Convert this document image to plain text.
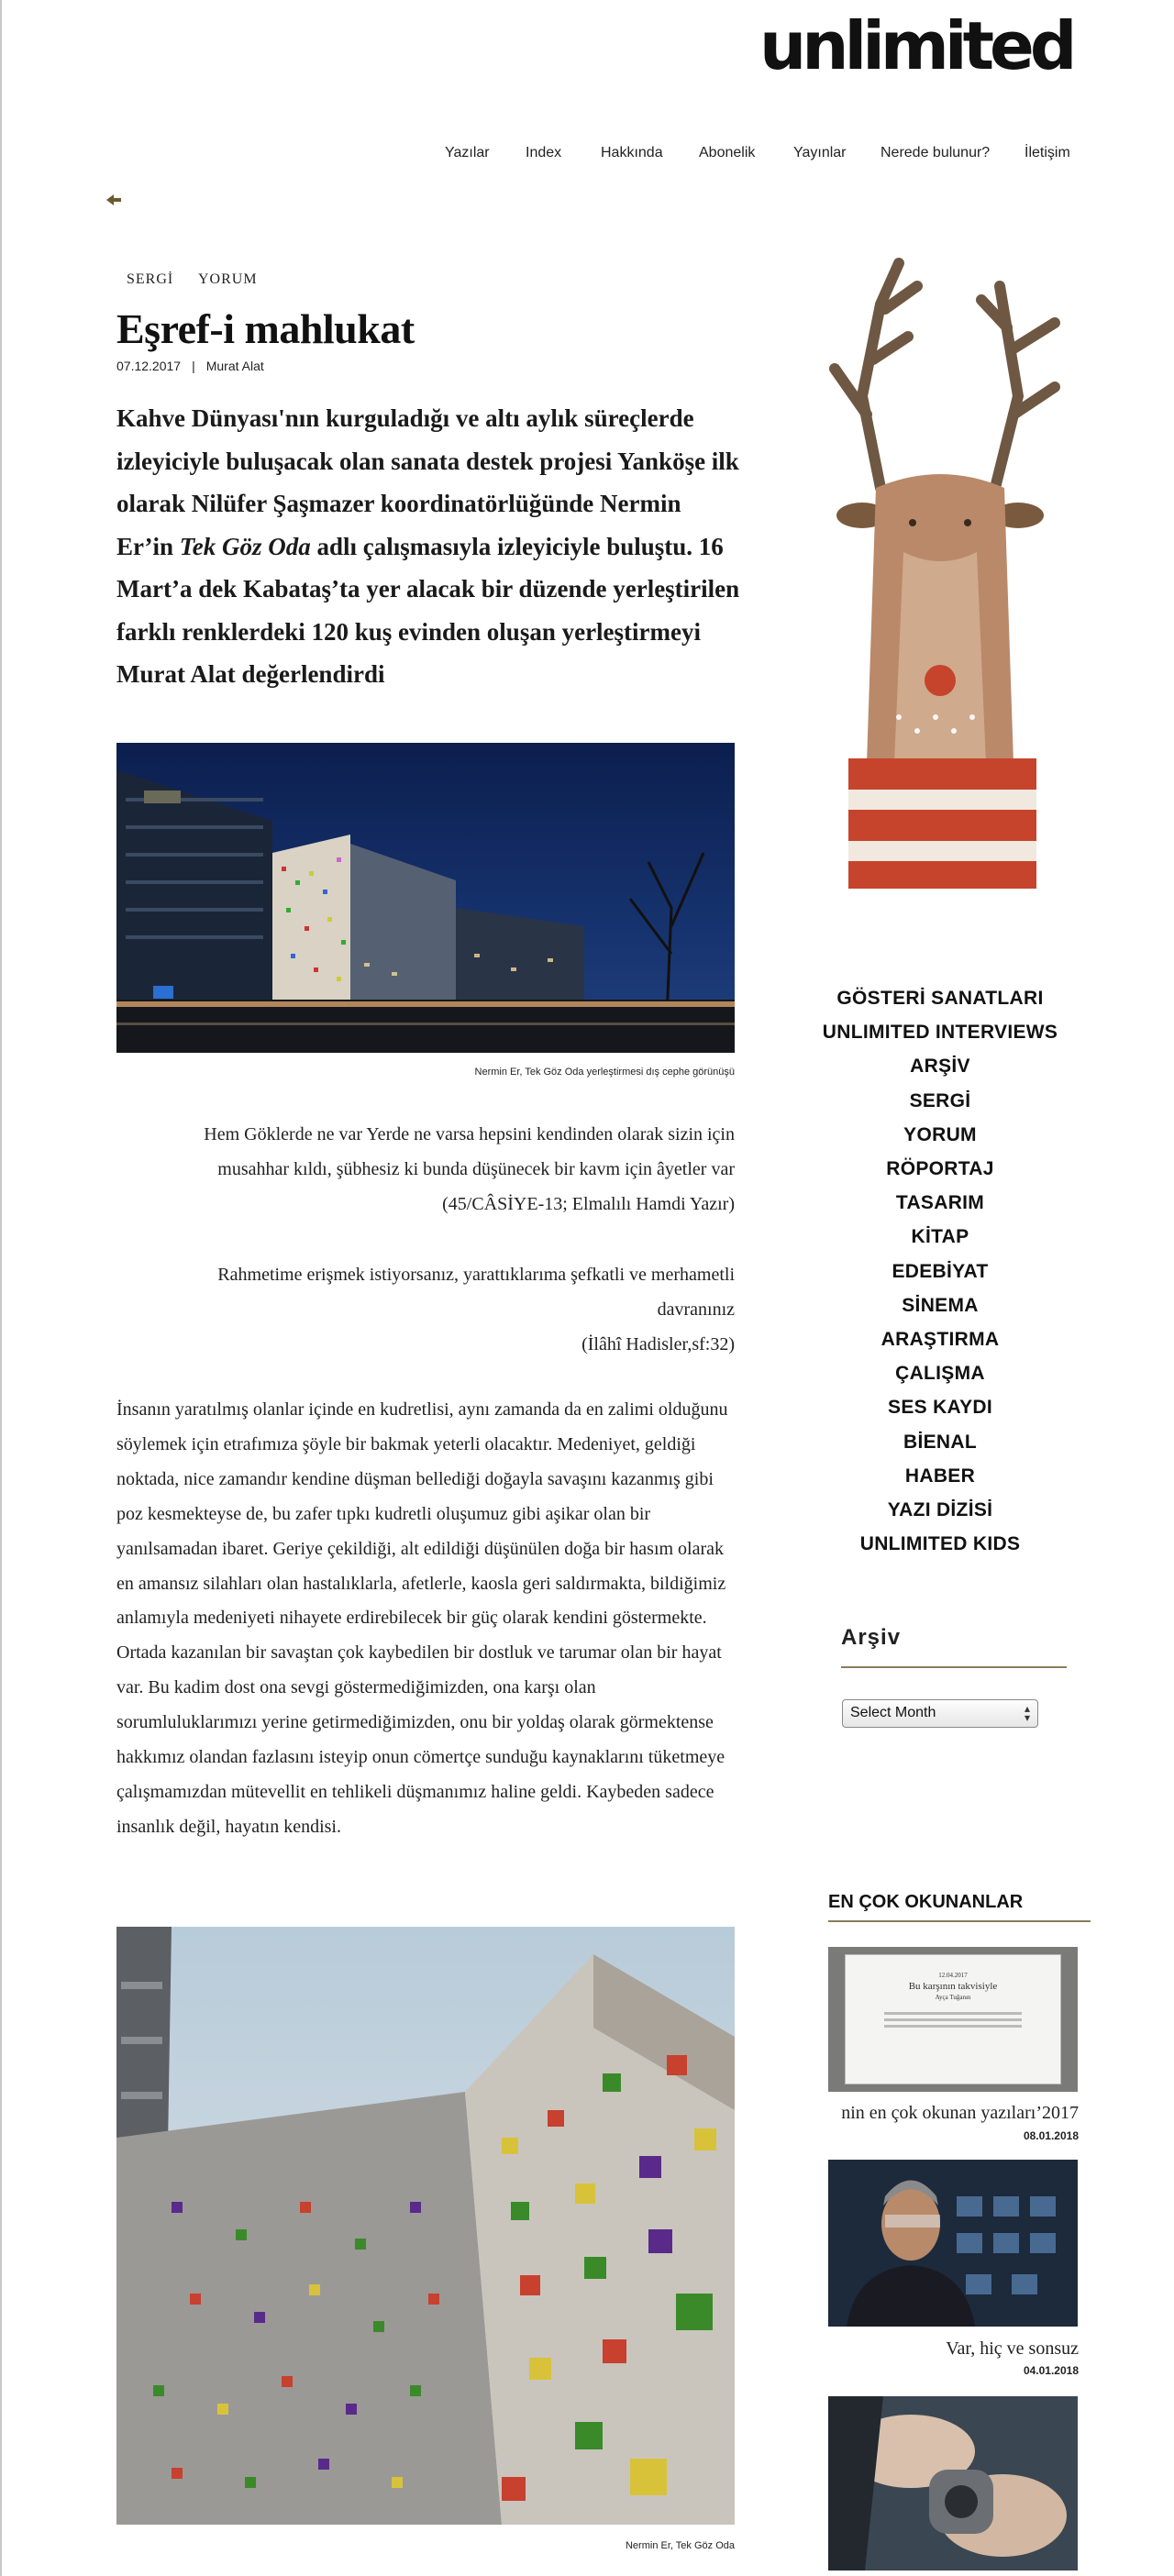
unlimited
Yazılar Index	Hakkında Abonelik	Yayınlar Nerede bulunur? İletişim
SERGİ YORUM
Eşref-i mahlukat
07.12.2017 | Murat Alat

Kahve Dünyası'nın kurguladığı ve altı aylık süreçlerde izleyiciyle buluşacak olan sanata destek projesi Yanköşe ilk olarak Nilüfer Şaşmazer koordinatörlüğünde Nermin Er’in Tek Göz Oda adlı çalışmasıyla izleyiciyle buluştu. 16 Mart’a dek Kabataş’ta yer alacak bir düzende yerleştirilen farklı renklerdeki 120 kuş evinden oluşan yerleştirmeyi Murat Alat değerlendirdi

Nermin Er, Tek Göz Oda yerleştirmesi dış cephe görünüşü
Hem Göklerde ne var Yerde ne varsa hepsini kendinden olarak sizin için musahhar kıldı, şübhesiz ki bunda düşünecek bir kavm için âyetler var
(45/CÂSİYE-13; Elmalılı Hamdi Yazır)
Rahmetime erişmek istiyorsanız, yarattıklarıma şefkatli ve merhametli davranınız
(İlâhî Hadisler,sf:32)

İnsanın yaratılmış olanlar içinde en kudretlisi, aynı zamanda da en zalimi olduğunu söylemek için etrafımıza şöyle bir bakmak yeterli olacaktır. Medeniyet, geldiği noktada, nice zamandır kendine düşman bellediği doğayla savaşını kazanmış gibi poz kesmekteyse de, bu zafer tıpkı kudretli oluşumuz gibi aşikar olan bir yanılsamadan ibaret. Geriye çekildiği, alt edildiği düşünülen doğa bir hasım olarak en amansız silahları olan hastalıklarla, afetlerle, kaosla geri saldırmakta, bildiğimiz anlamıyla medeniyeti nihayete erdirebilecek bir güç olarak kendini göstermekte. Ortada kazanılan bir savaştan çok kaybedilen bir dostluk ve tarumar olan bir hayat var. Bu kadim dost ona sevgi göstermediğimizden, ona karşı olan sorumluluklarımızı yerine getirmediğimizden, onu bir yoldaş olarak görmektense hakkımız olandan fazlasını isteyip onun cömertçe sunduğu kaynaklarını tüketmeye çalışmamızdan mütevellit en tehlikeli düşmanımız haline geldi. Kaybeden sadece insanlık değil, hayatın kendisi.

Nermin Er, Tek Göz Oda
GÖSTERİ SANATLARI
UNLIMITED INTERVIEWS
ARŞİV
SERGİ
YORUM
RÖPORTAJ
TASARIM
KİTAP
EDEBİYAT
SİNEMA
ARAŞTIRMA
ÇALIŞMA
SES KAYDI
BİENAL
HABER
YAZI DİZİSİ
UNLIMITED KIDS
Arşiv
Select Month	▴
▾
EN ÇOK OKUNANLAR
12.04.2017
Bu karşının takvisiyle
Ayça Tuğanın
nin en çok okunan yazıları’2017
08.01.2018
Var, hiç ve sonsuz
04.01.2018
